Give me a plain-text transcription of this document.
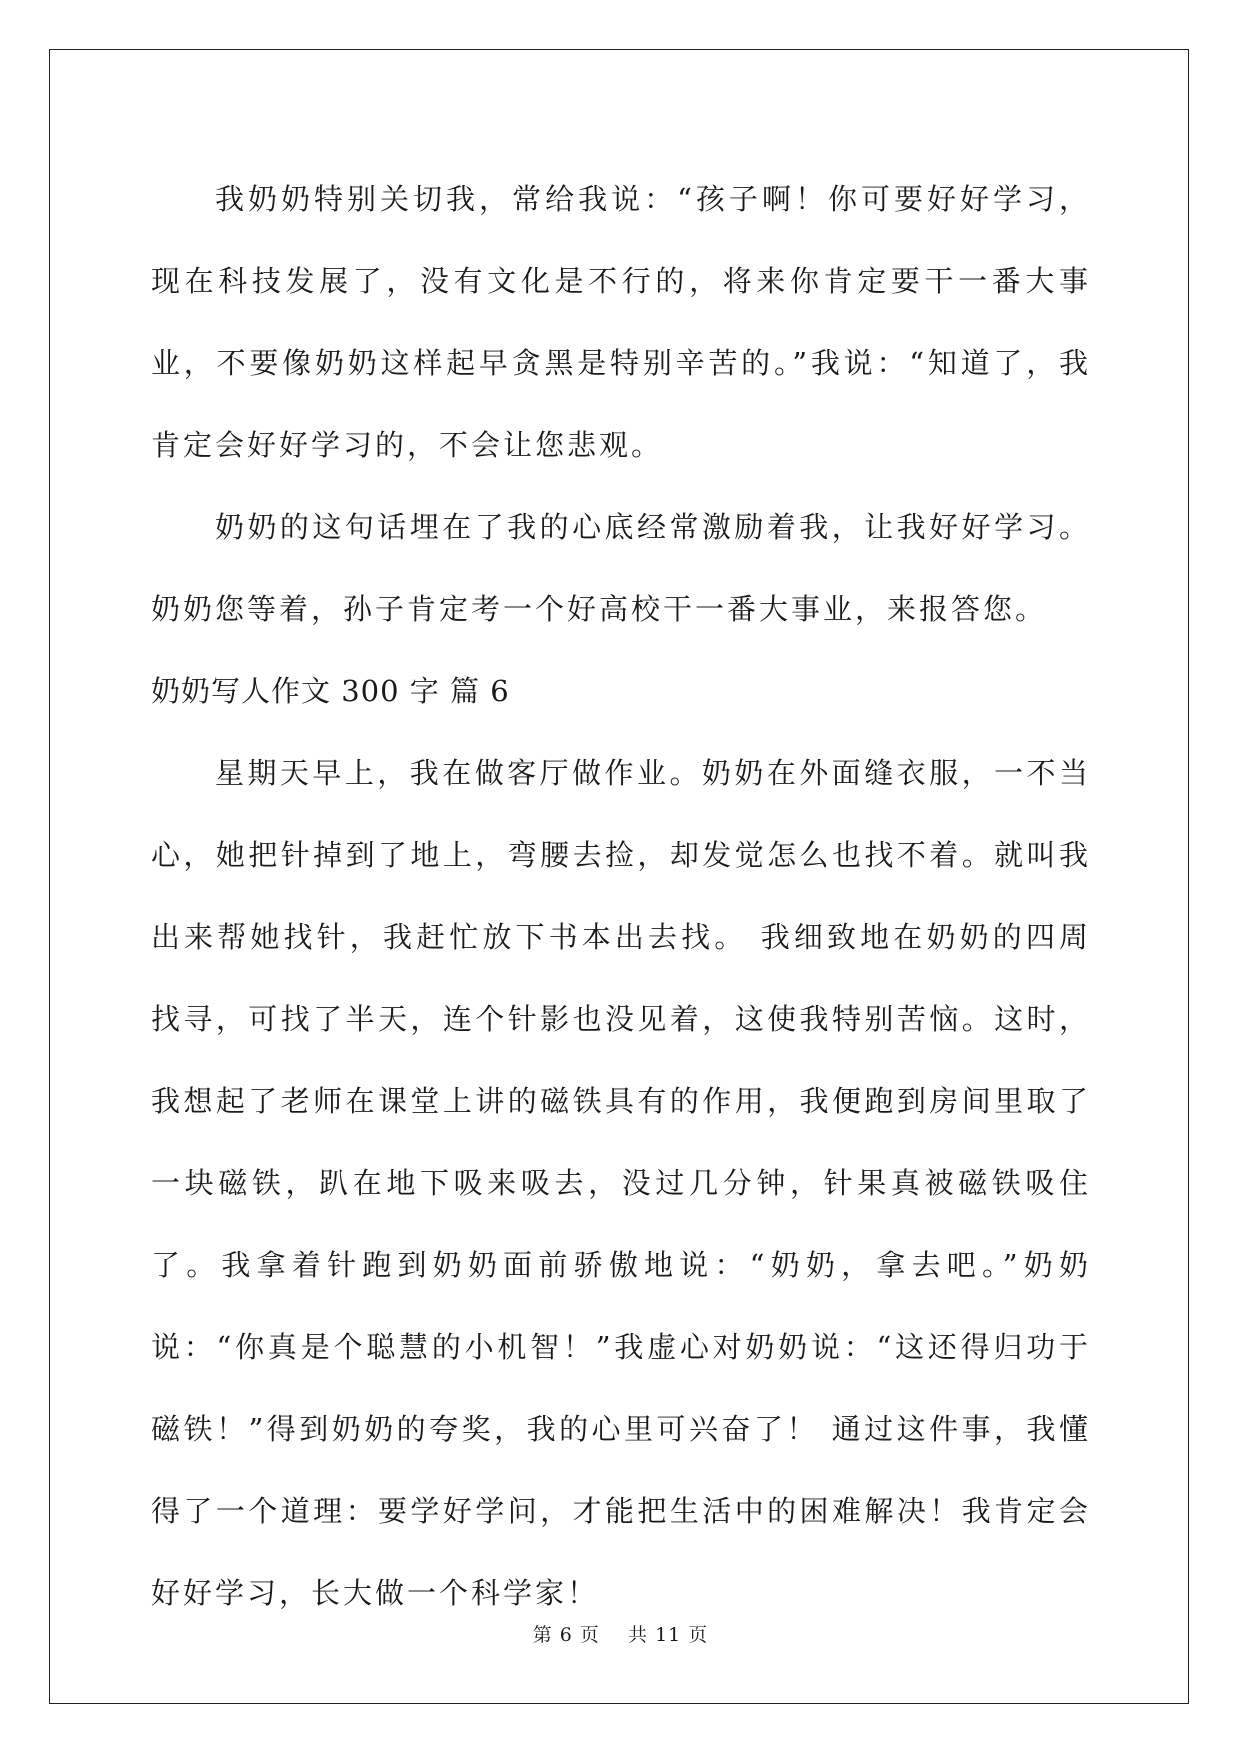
我奶奶特别关切我，常给我说：“孩子啊！你可要好好学习，现在科技发展了，没有文化是不行的，将来你肯定要干一番大事业，不要像奶奶这样起早贪黑是特别辛苦的。”我说：“知道了，我肯定会好好学习的，不会让您悲观。

奶奶的这句话埋在了我的心底经常激励着我，让我好好学习。奶奶您等着，孙子肯定考一个好高校干一番大事业，来报答您。

奶奶写人作文 300 字 篇 6

星期天早上，我在做客厅做作业。奶奶在外面缝衣服，一不当心，她把针掉到了地上，弯腰去捡，却发觉怎么也找不着。就叫我出来帮她找针，我赶忙放下书本出去找。 我细致地在奶奶的四周找寻，可找了半天，连个针影也没见着，这使我特别苦恼。这时，我想起了老师在课堂上讲的磁铁具有的作用，我便跑到房间里取了一块磁铁，趴在地下吸来吸去，没过几分钟，针果真被磁铁吸住了。我拿着针跑到奶奶面前骄傲地说：“奶奶，拿去吧。”奶奶说：“你真是个聪慧的小机智！”我虚心对奶奶说：“这还得归功于磁铁！”得到奶奶的夸奖，我的心里可兴奋了！ 通过这件事，我懂得了一个道理：要学好学问，才能把生活中的困难解决！我肯定会好好学习，长大做一个科学家！

第 6 页    共 11 页
